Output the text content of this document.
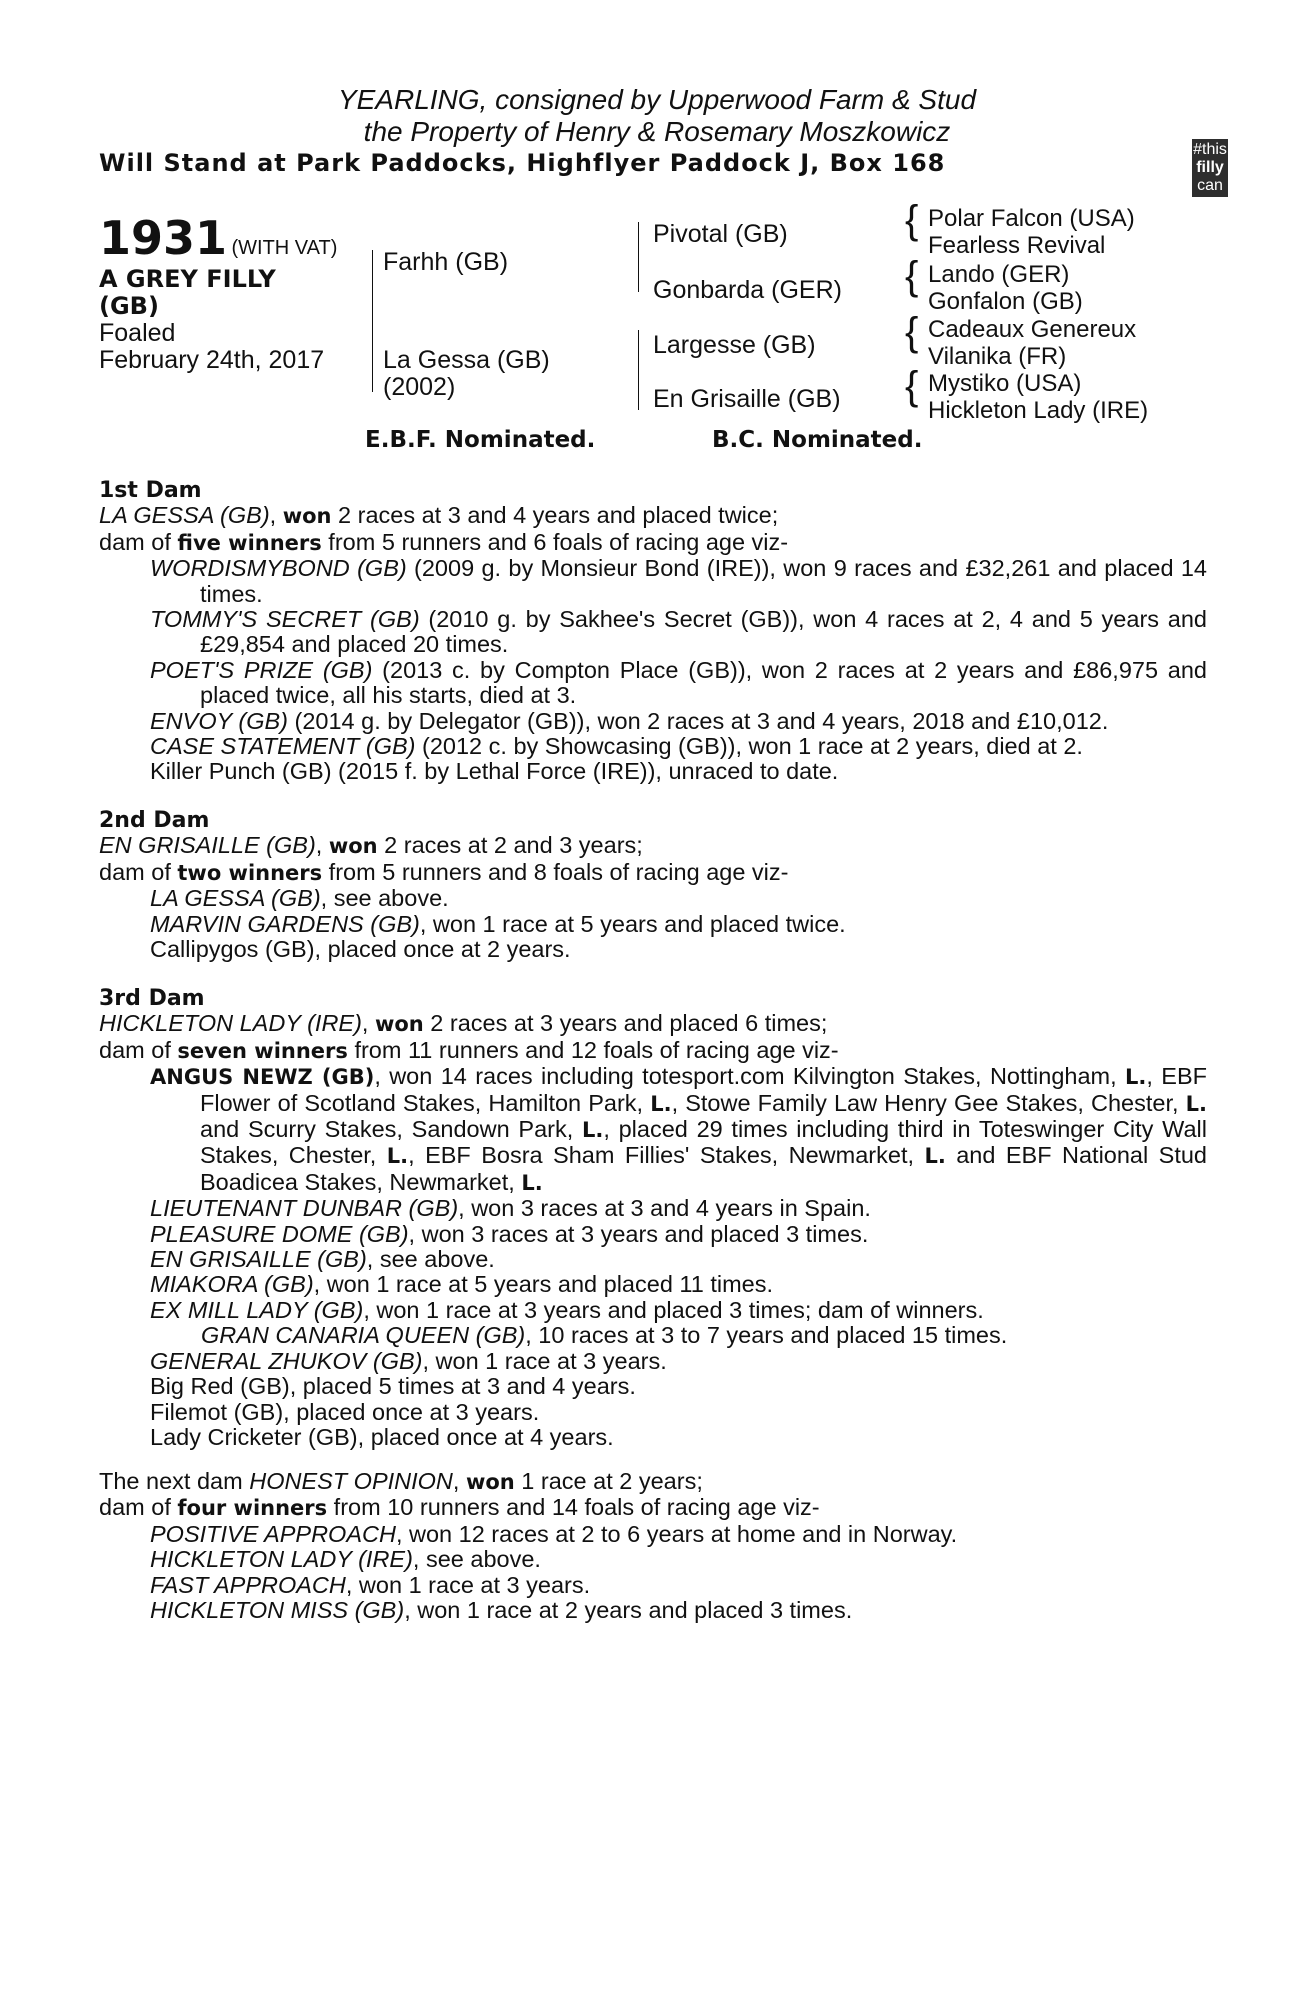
YEARLING, consigned by Upperwood Farm & Stud
the Property of Henry & Rosemary Moszkowicz
Will Stand at Park Paddocks, Highflyer Paddock J, Box 168	#this
filly
can
1931 (WITH VAT)
A GREY FILLY
(GB)
Foaled
February 24th, 2017
Farhh (GB)
La Gessa (GB)
(2002)
Pivotal (GB)
Gonbarda (GER)
Largesse (GB)
En Grisaille (GB)
{
{
{
{
Polar Falcon (USA)
Fearless Revival
Lando (GER)
Gonfalon (GB)
Cadeaux Genereux
Vilanika (FR)
Mystiko (USA)
Hickleton Lady (IRE)
E.B.F. Nominated.	B.C. Nominated.
1st Dam
LA GESSA (GB), won 2 races at 3 and 4 years and placed twice;
dam of five winners from 5 runners and 6 foals of racing age viz-
WORDISMYBOND (GB) (2009 g. by Monsieur Bond (IRE)), won 9 races and £32,261 and placed 14 times.
TOMMY'S SECRET (GB) (2010 g. by Sakhee's Secret (GB)), won 4 races at 2, 4 and 5 years and £29,854 and placed 20 times.
POET'S PRIZE (GB) (2013 c. by Compton Place (GB)), won 2 races at 2 years and £86,975 and placed twice, all his starts, died at 3.
ENVOY (GB) (2014 g. by Delegator (GB)), won 2 races at 3 and 4 years, 2018 and £10,012.
CASE STATEMENT (GB) (2012 c. by Showcasing (GB)), won 1 race at 2 years, died at 2.
Killer Punch (GB) (2015 f. by Lethal Force (IRE)), unraced to date.
2nd Dam
EN GRISAILLE (GB), won 2 races at 2 and 3 years;
dam of two winners from 5 runners and 8 foals of racing age viz-
LA GESSA (GB), see above.
MARVIN GARDENS (GB), won 1 race at 5 years and placed twice.
Callipygos (GB), placed once at 2 years.
3rd Dam
HICKLETON LADY (IRE), won 2 races at 3 years and placed 6 times;
dam of seven winners from 11 runners and 12 foals of racing age viz-
ANGUS NEWZ (GB), won 14 races including totesport.com Kilvington Stakes, Nottingham, L., EBF Flower of Scotland Stakes, Hamilton Park, L., Stowe Family Law Henry Gee Stakes, Chester, L. and Scurry Stakes, Sandown Park, L., placed 29 times including third in Toteswinger City Wall Stakes, Chester, L., EBF Bosra Sham Fillies' Stakes, Newmarket, L. and EBF National Stud Boadicea Stakes, Newmarket, L.
LIEUTENANT DUNBAR (GB), won 3 races at 3 and 4 years in Spain.
PLEASURE DOME (GB), won 3 races at 3 years and placed 3 times.
EN GRISAILLE (GB), see above.
MIAKORA (GB), won 1 race at 5 years and placed 11 times.
EX MILL LADY (GB), won 1 race at 3 years and placed 3 times; dam of winners.
GRAN CANARIA QUEEN (GB), 10 races at 3 to 7 years and placed 15 times.
GENERAL ZHUKOV (GB), won 1 race at 3 years.
Big Red (GB), placed 5 times at 3 and 4 years.
Filemot (GB), placed once at 3 years.
Lady Cricketer (GB), placed once at 4 years.
The next dam HONEST OPINION, won 1 race at 2 years;
dam of four winners from 10 runners and 14 foals of racing age viz-
POSITIVE APPROACH, won 12 races at 2 to 6 years at home and in Norway.
HICKLETON LADY (IRE), see above.
FAST APPROACH, won 1 race at 3 years.
HICKLETON MISS (GB), won 1 race at 2 years and placed 3 times.
